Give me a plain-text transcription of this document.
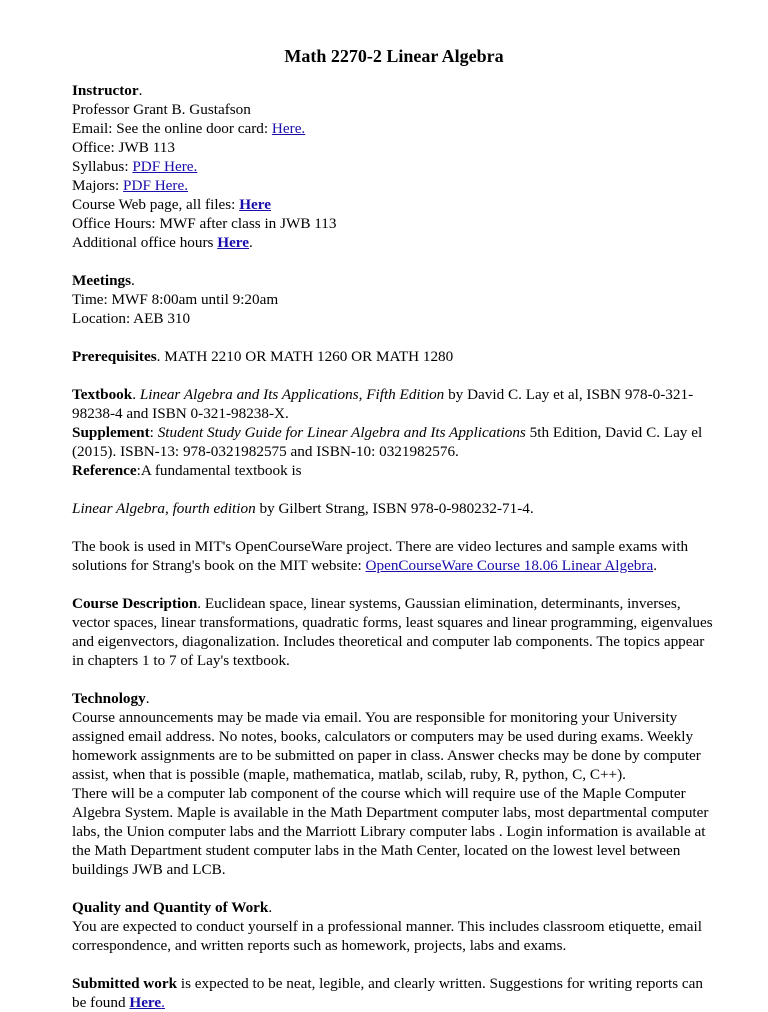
Math 2270-2 Linear Algebra
Instructor.
Professor Grant B. Gustafson
Email: See the online door card: Here.
Office: JWB 113
Syllabus: PDF Here.
Majors: PDF Here.
Course Web page, all files: Here
Office Hours: MWF after class in JWB 113
Additional office hours Here.
Meetings.
Time: MWF 8:00am until 9:20am
Location: AEB 310
Prerequisites. MATH 2210 OR MATH 1260 OR MATH 1280
Textbook. Linear Algebra and Its Applications, Fifth Edition by David C. Lay et al, ISBN 978-0-321-98238-4 and ISBN 0-321-98238-X.
Supplement: Student Study Guide for Linear Algebra and Its Applications 5th Edition, David C. Lay el (2015). ISBN-13: 978-0321982575 and ISBN-10: 0321982576.
Reference:A fundamental textbook is
Linear Algebra, fourth edition by Gilbert Strang, ISBN 978-0-980232-71-4.
The book is used in MIT's OpenCourseWare project. There are video lectures and sample exams with solutions for Strang's book on the MIT website: OpenCourseWare Course 18.06 Linear Algebra.
Course Description. Euclidean space, linear systems, Gaussian elimination, determinants, inverses, vector spaces, linear transformations, quadratic forms, least squares and linear programming, eigenvalues and eigenvectors, diagonalization. Includes theoretical and computer lab components. The topics appear in chapters 1 to 7 of Lay's textbook.
Technology.
Course announcements may be made via email. You are responsible for monitoring your University assigned email address. No notes, books, calculators or computers may be used during exams. Weekly homework assignments are to be submitted on paper in class. Answer checks may be done by computer assist, when that is possible (maple, mathematica, matlab, scilab, ruby, R, python, C, C++).
There will be a computer lab component of the course which will require use of the Maple Computer Algebra System. Maple is available in the Math Department computer labs, most departmental computer labs, the Union computer labs and the Marriott Library computer labs . Login information is available at the Math Department student computer labs in the Math Center, located on the lowest level between buildings JWB and LCB.
Quality and Quantity of Work.
You are expected to conduct yourself in a professional manner. This includes classroom etiquette, email correspondence, and written reports such as homework, projects, labs and exams.
Submitted work is expected to be neat, legible, and clearly written. Suggestions for writing reports can be found Here.
